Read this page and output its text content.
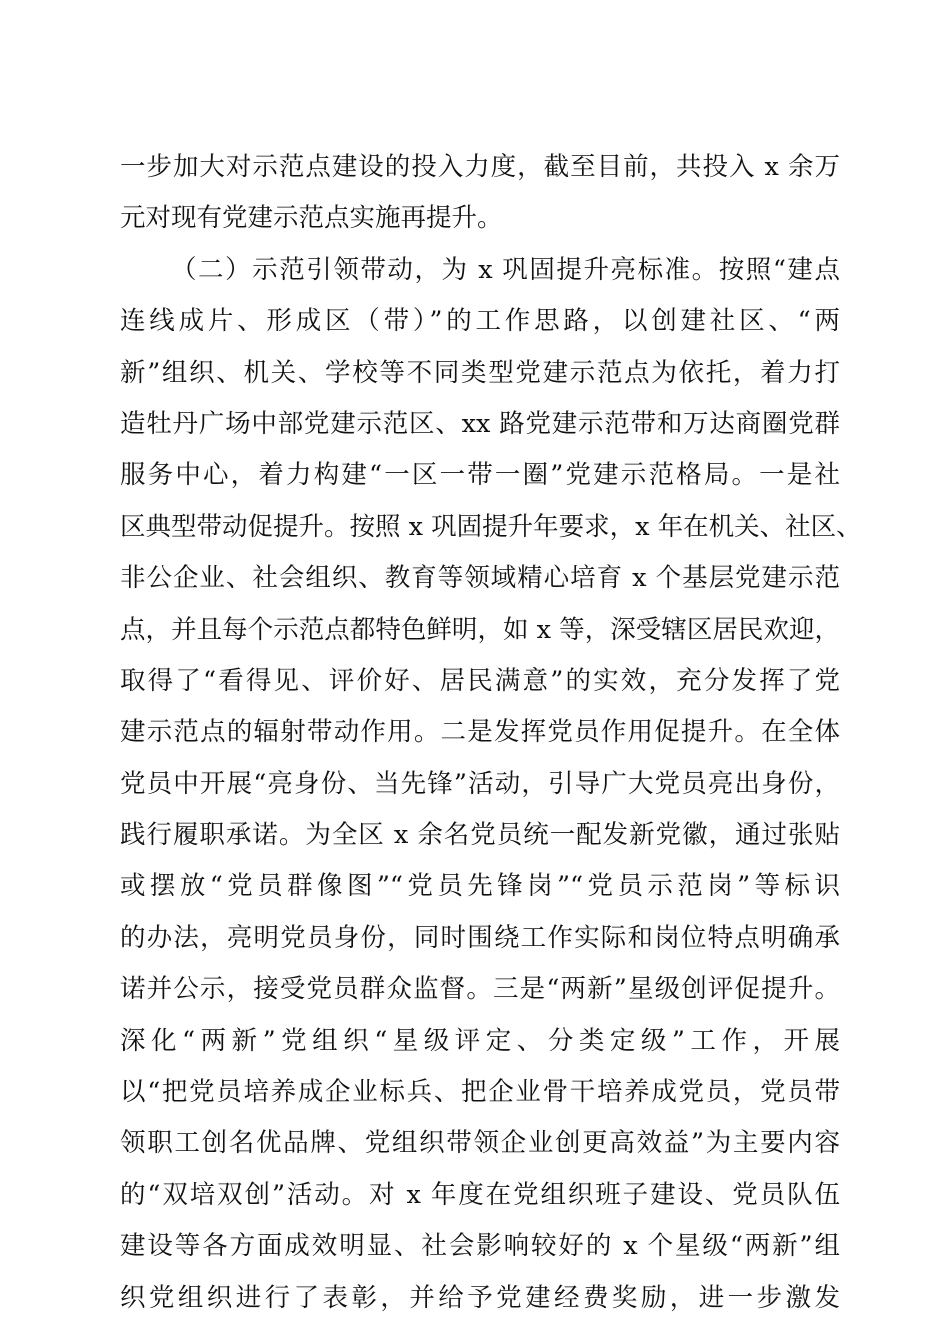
一步加大对示范点建设的投入力度，截至目前，共投入 x 余万
元对现有党建示范点实施再提升。
（二）示范引领带动，为 x 巩固提升亮标准。按照“建点
连线成片、形成区（带）”的工作思路，以创建社区、“两
新”组织、机关、学校等不同类型党建示范点为依托，着力打
造牡丹广场中部党建示范区、xx 路党建示范带和万达商圈党群
服务中心，着力构建“一区一带一圈”党建示范格局。一是社
区典型带动促提升。按照 x 巩固提升年要求，x 年在机关、社区、
非公企业、社会组织、教育等领域精心培育 x 个基层党建示范
点，并且每个示范点都特色鲜明，如 x 等，深受辖区居民欢迎，
取得了“看得见、评价好、居民满意”的实效，充分发挥了党
建示范点的辐射带动作用。二是发挥党员作用促提升。在全体
党员中开展“亮身份、当先锋”活动，引导广大党员亮出身份，
践行履职承诺。为全区 x 余名党员统一配发新党徽，通过张贴
或摆放“党员群像图”“党员先锋岗”“党员示范岗”等标识
的办法，亮明党员身份，同时围绕工作实际和岗位特点明确承
诺并公示，接受党员群众监督。三是“两新”星级创评促提升。
深化“两新”党组织“星级评定、分类定级”工作，开展
以“把党员培养成企业标兵、把企业骨干培养成党员，党员带
领职工创名优品牌、党组织带领企业创更高效益”为主要内容
的“双培双创”活动。对 x 年度在党组织班子建设、党员队伍
建设等各方面成效明显、社会影响较好的 x 个星级“两新”组
织党组织进行了表彰，并给予党建经费奖励，进一步激发
